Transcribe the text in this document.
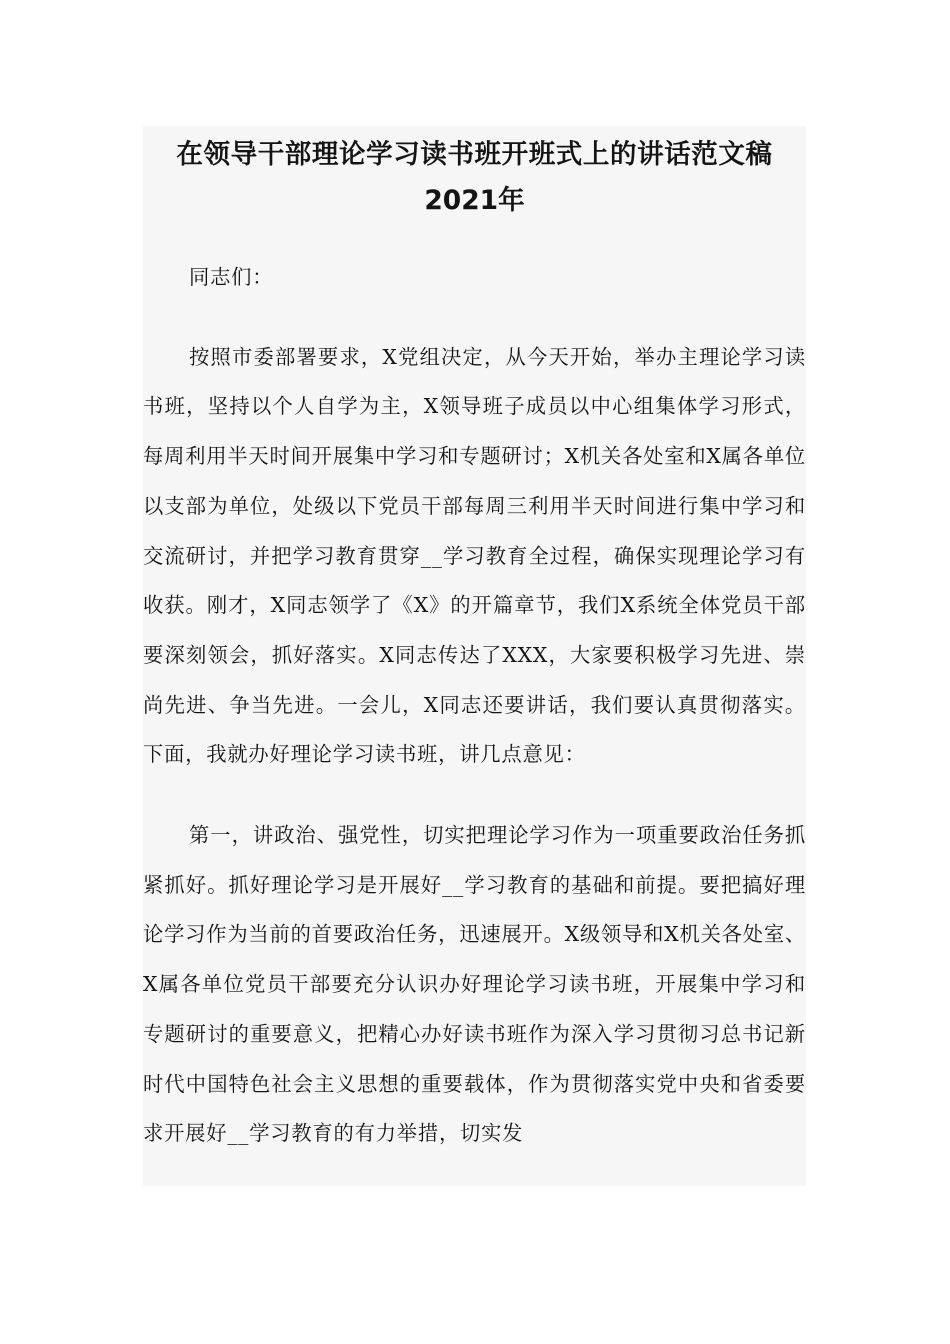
在领导干部理论学习读书班开班式上的讲话范文稿
2021年

同志们：

按照市委部署要求，X党组决定，从今天开始，举办主理论学习读书班，坚持以个人自学为主，X领导班子成员以中心组集体学习形式，每周利用半天时间开展集中学习和专题研讨；X机关各处室和X属各单位以支部为单位，处级以下党员干部每周三利用半天时间进行集中学习和交流研讨，并把学习教育贯穿__学习教育全过程，确保实现理论学习有收获。刚才，X同志领学了《X》的开篇章节，我们X系统全体党员干部要深刻领会，抓好落实。X同志传达了XXX，大家要积极学习先进、崇尚先进、争当先进。一会儿，X同志还要讲话，我们要认真贯彻落实。下面，我就办好理论学习读书班，讲几点意见：

第一，讲政治、强党性，切实把理论学习作为一项重要政治任务抓紧抓好。抓好理论学习是开展好__学习教育的基础和前提。要把搞好理论学习作为当前的首要政治任务，迅速展开。X级领导和X机关各处室、X属各单位党员干部要充分认识办好理论学习读书班，开展集中学习和专题研讨的重要意义，把精心办好读书班作为深入学习贯彻习总书记新时代中国特色社会主义思想的重要载体，作为贯彻落实党中央和省委要求开展好__学习教育的有力举措，切实发
